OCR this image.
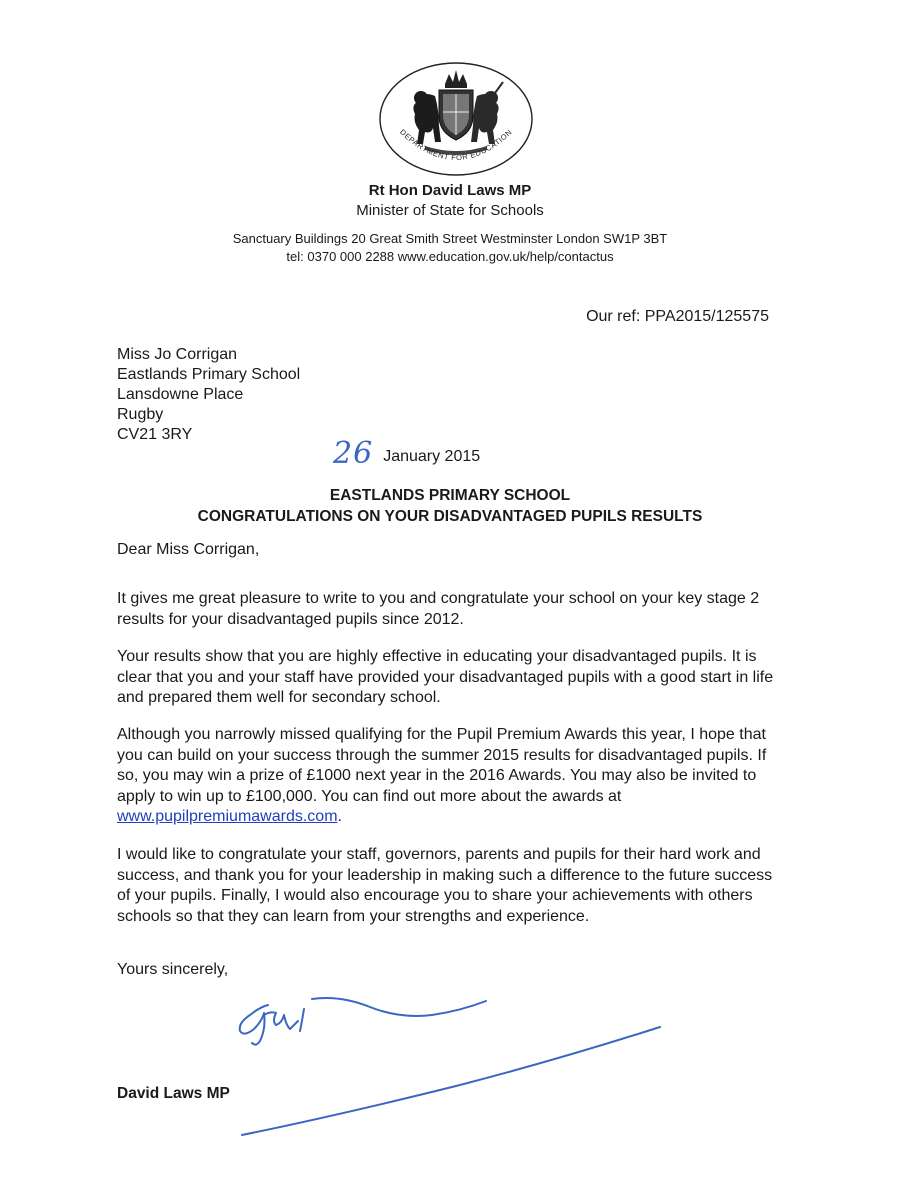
DEPARTMENT FOR EDUCATION
Rt Hon David Laws MP
Minister of State for Schools
Sanctuary Buildings 20 Great Smith Street Westminster London SW1P 3BT
tel: 0370 000 2288 www.education.gov.uk/help/contactus
Our ref: PPA2015/125575
Miss Jo Corrigan
Eastlands Primary School
Lansdowne Place
Rugby
CV21 3RY
26 January 2015
EASTLANDS PRIMARY SCHOOL
CONGRATULATIONS ON YOUR DISADVANTAGED PUPILS RESULTS
Dear Miss Corrigan,
It gives me great pleasure to write to you and congratulate your school on your key stage 2 results for your disadvantaged pupils since 2012.
Your results show that you are highly effective in educating your disadvantaged pupils. It is clear that you and your staff have provided your disadvantaged pupils with a good start in life and prepared them well for secondary school.
Although you narrowly missed qualifying for the Pupil Premium Awards this year, I hope that you can build on your success through the summer 2015 results for disadvantaged pupils. If so, you may win a prize of £1000 next year in the 2016 Awards. You may also be invited to apply to win up to £100,000. You can find out more about the awards at www.pupilpremiumawards.com.
I would like to congratulate your staff, governors, parents and pupils for their hard work and success, and thank you for your leadership in making such a difference to the future success of your pupils. Finally, I would also encourage you to share your achievements with others schools so that they can learn from your strengths and experience.
Yours sincerely,
David Laws MP
